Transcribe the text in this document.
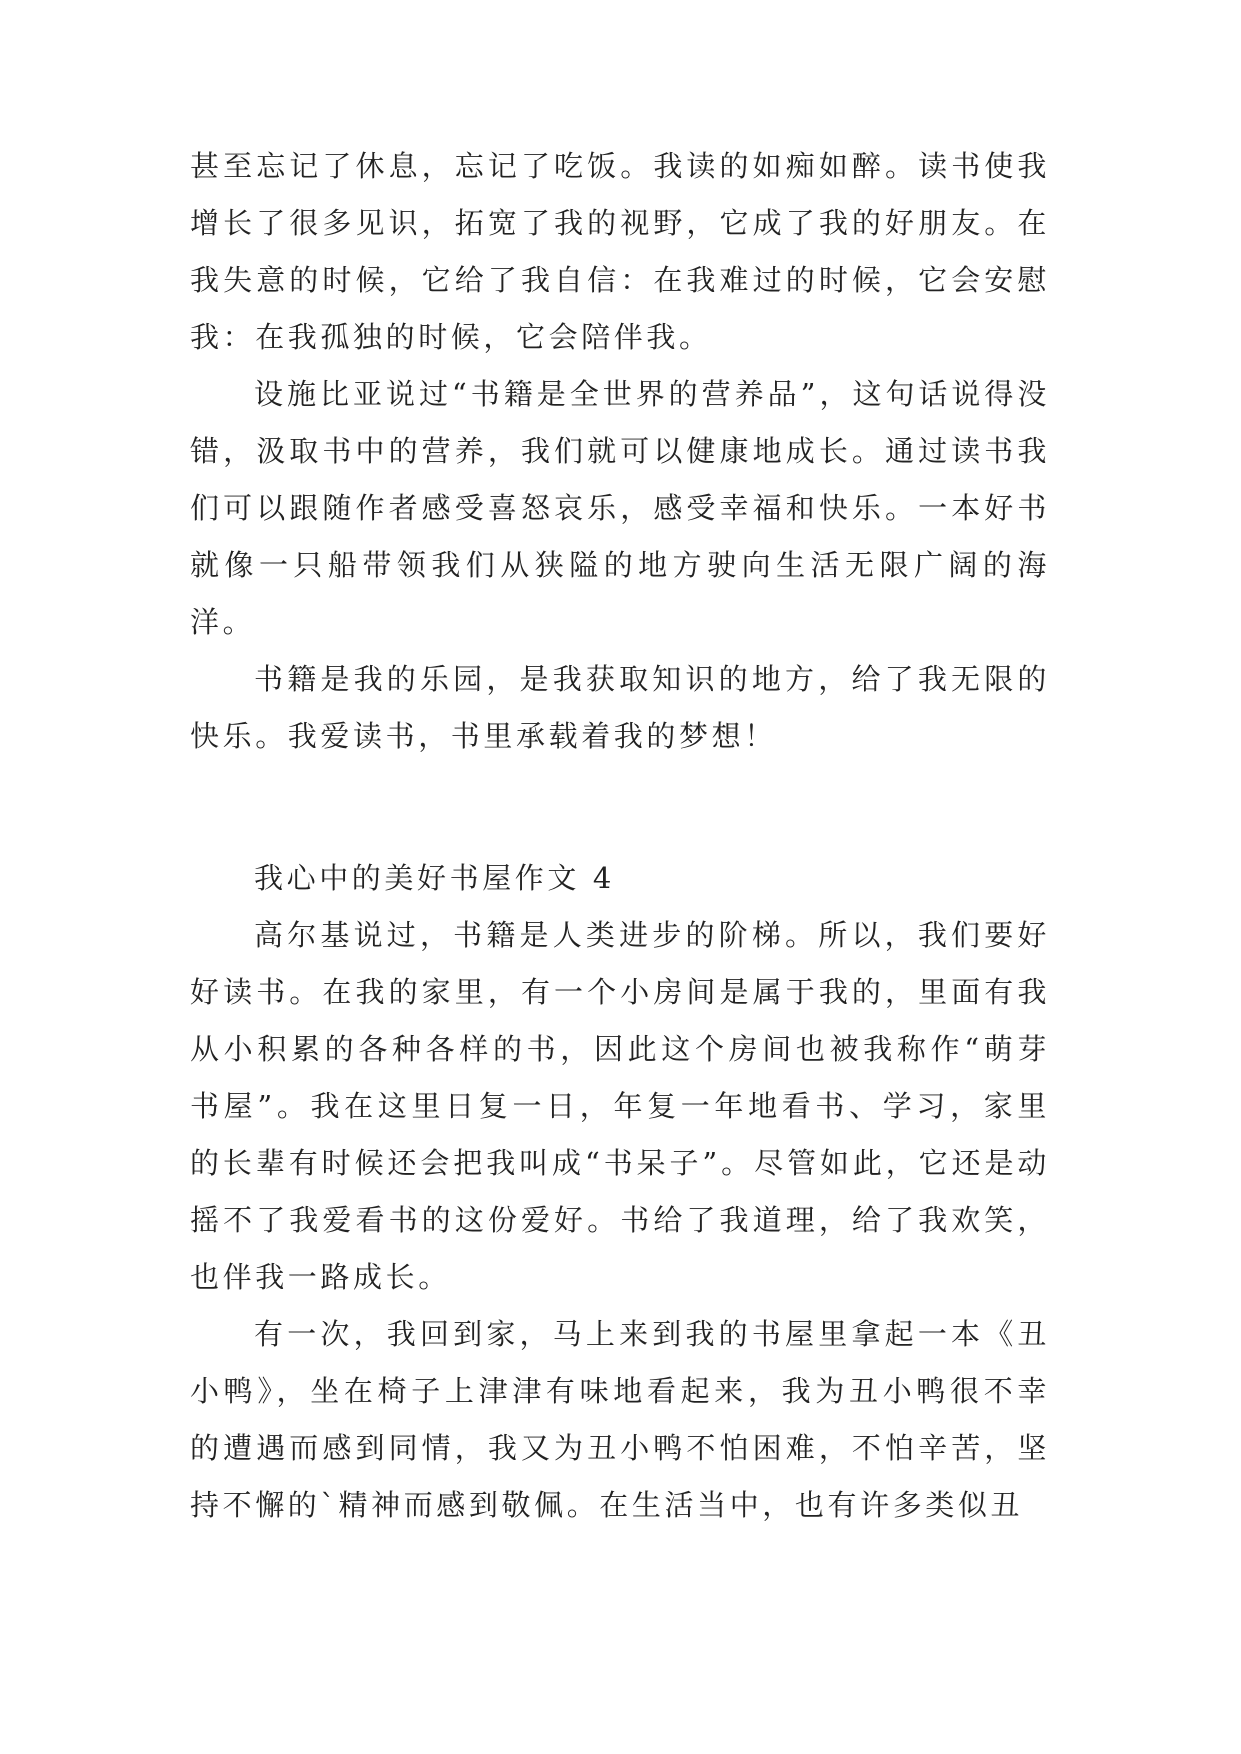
甚至忘记了休息，忘记了吃饭。我读的如痴如醉。读书使我增长了很多见识，拓宽了我的视野，它成了我的好朋友。在我失意的时候，它给了我自信：在我难过的时候，它会安慰我：在我孤独的时候，它会陪伴我。

设施比亚说过“书籍是全世界的营养品”，这句话说得没错，汲取书中的营养，我们就可以健康地成长。通过读书我们可以跟随作者感受喜怒哀乐，感受幸福和快乐。一本好书就像一只船带领我们从狭隘的地方驶向生活无限广阔的海洋。

书籍是我的乐园，是我获取知识的地方，给了我无限的快乐。我爱读书，书里承载着我的梦想！

我心中的美好书屋作文 4

高尔基说过，书籍是人类进步的阶梯。所以，我们要好好读书。在我的家里，有一个小房间是属于我的，里面有我从小积累的各种各样的书，因此这个房间也被我称作“萌芽书屋”。我在这里日复一日，年复一年地看书、学习，家里的长辈有时候还会把我叫成“书呆子”。尽管如此，它还是动摇不了我爱看书的这份爱好。书给了我道理，给了我欢笑，也伴我一路成长。

有一次，我回到家，马上来到我的书屋里拿起一本《丑小鸭》，坐在椅子上津津有味地看起来，我为丑小鸭很不幸的遭遇而感到同情，我又为丑小鸭不怕困难，不怕辛苦，坚持不懈的`精神而感到敬佩。在生活当中，也有许多类似丑
